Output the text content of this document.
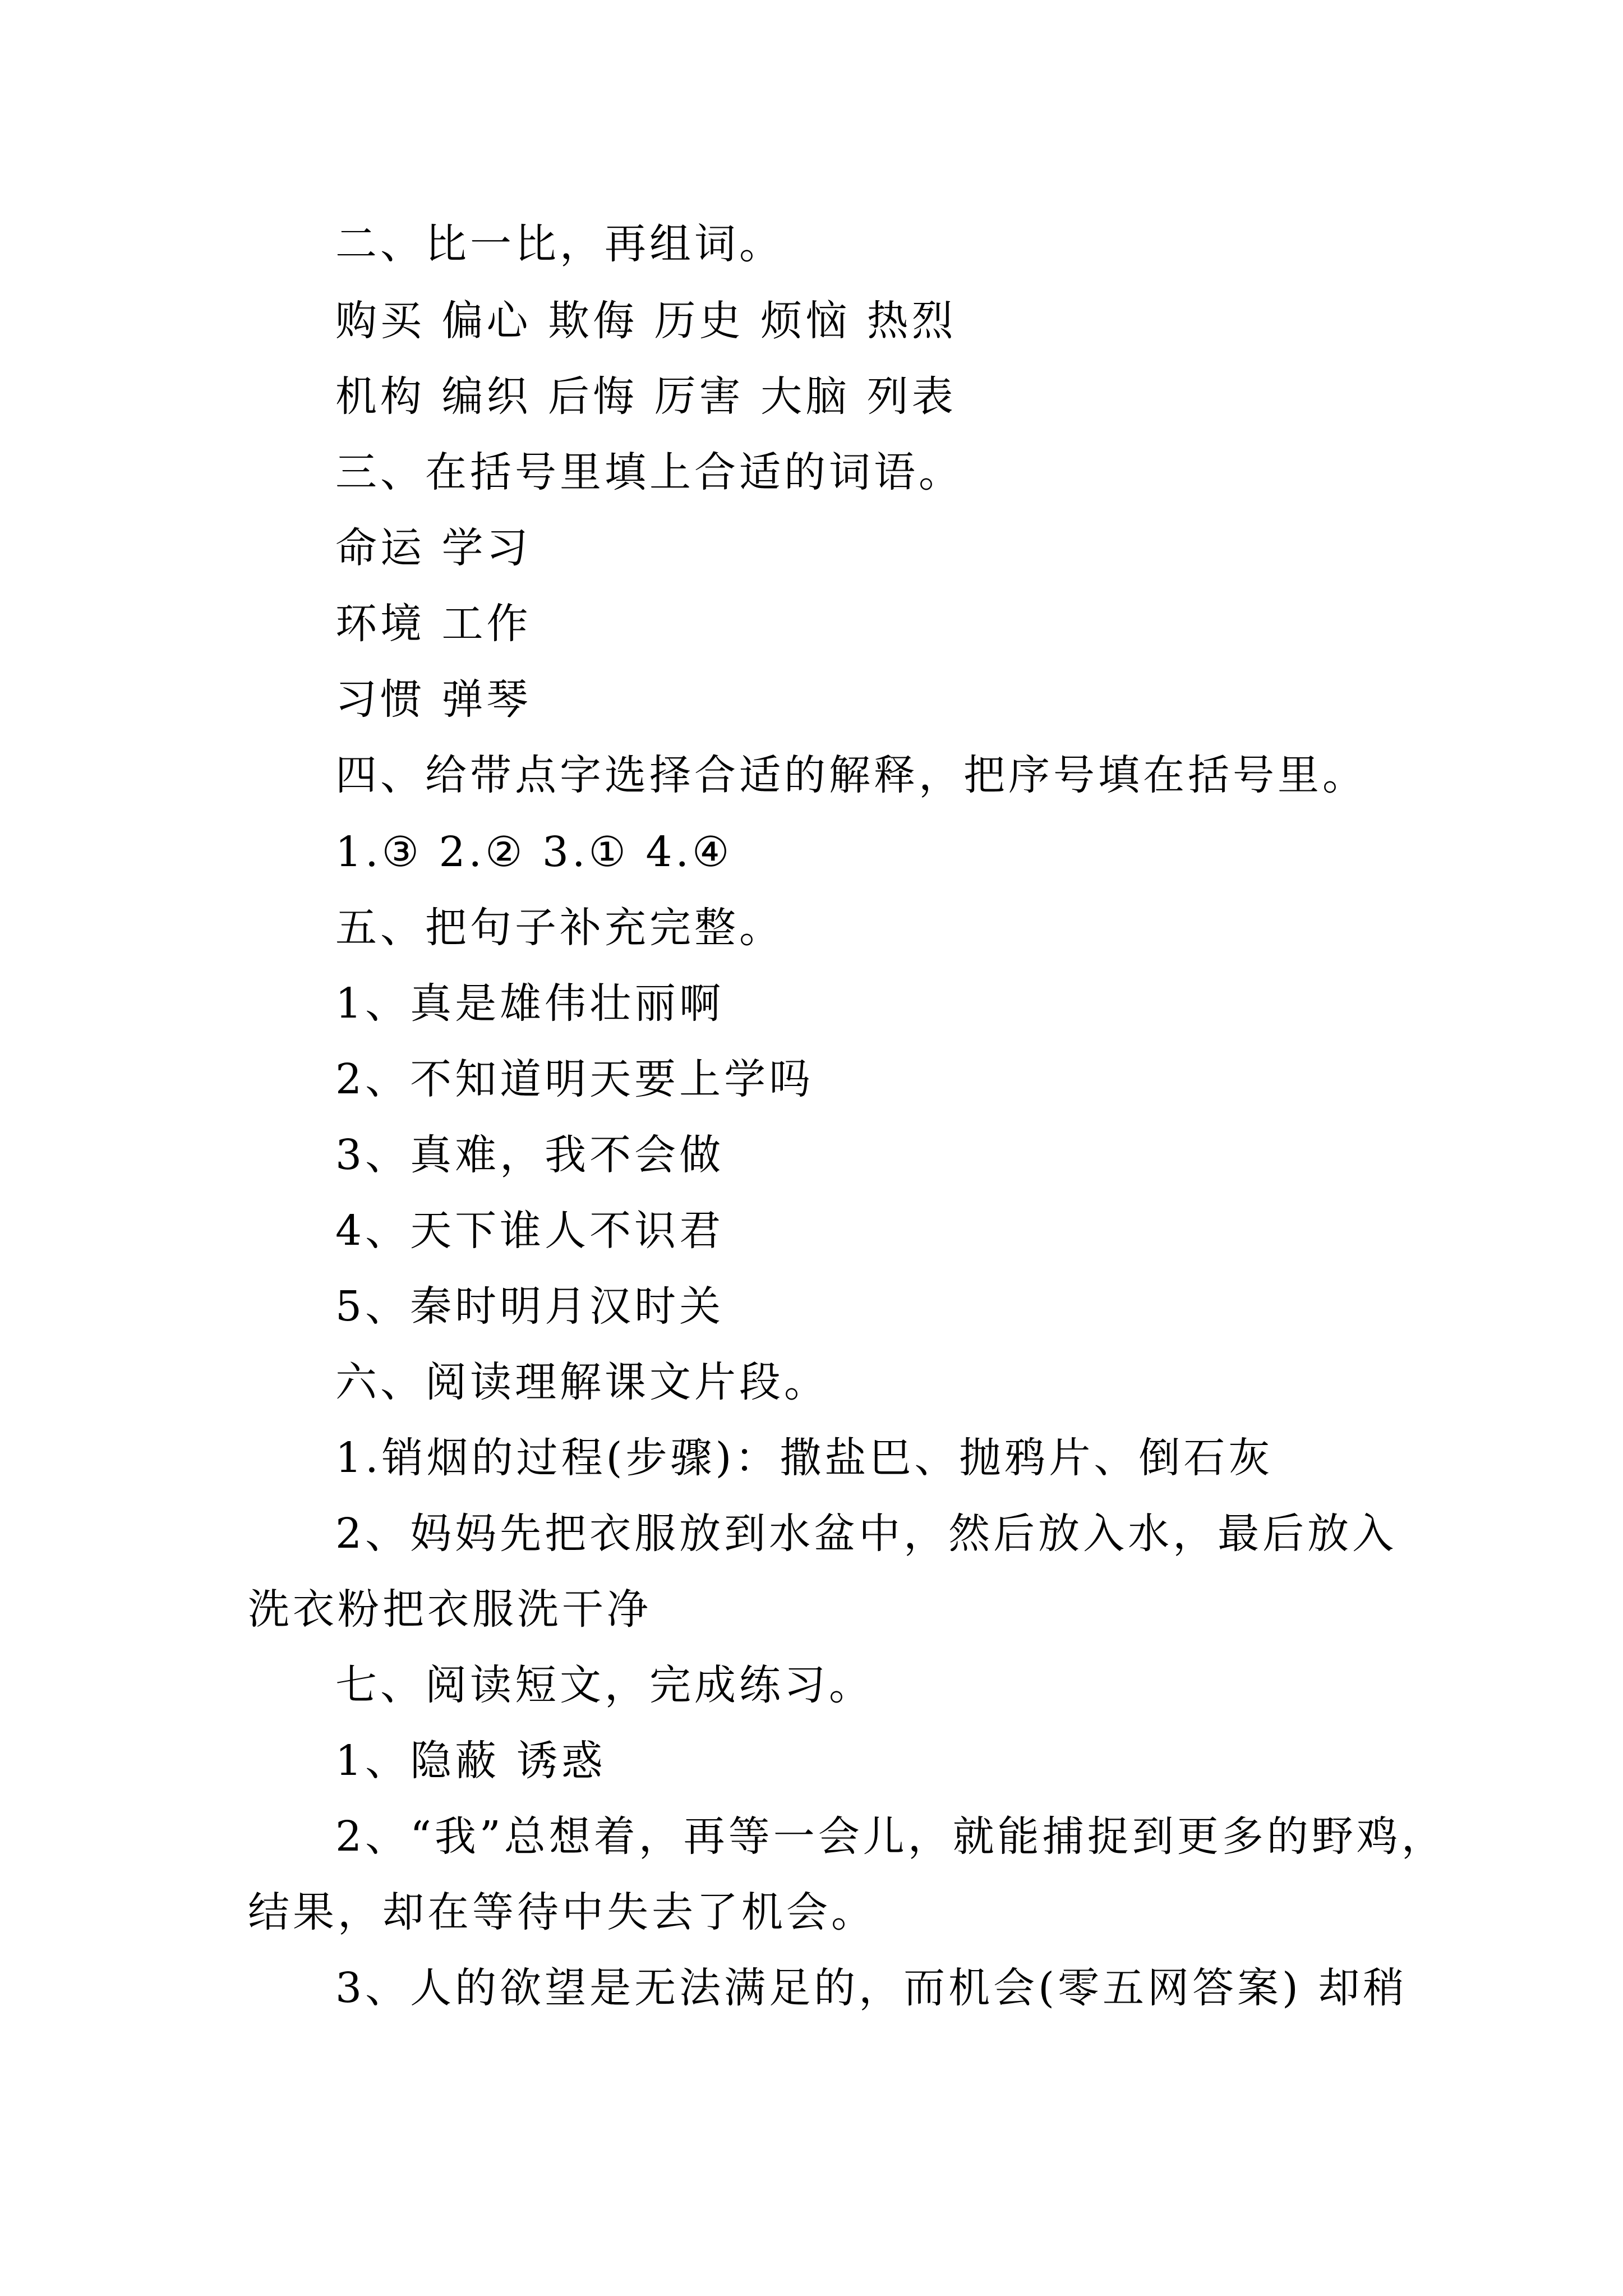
二、比一比，再组词。
购买 偏心 欺侮 历史 烦恼 热烈
机构 编织 后悔 厉害 大脑 列表
三、在括号里填上合适的词语。
命运 学习
环境 工作
习惯 弹琴
四、给带点字选择合适的解释，把序号填在括号里。
1.③ 2.② 3.① 4.④
五、把句子补充完整。
1、真是雄伟壮丽啊
2、不知道明天要上学吗
3、真难，我不会做
4、天下谁人不识君
5、秦时明月汉时关
六、阅读理解课文片段。
1.销烟的过程(步骤)：撒盐巴、抛鸦片、倒石灰
2、妈妈先把衣服放到水盆中，然后放入水，最后放入
洗衣粉把衣服洗干净
七、阅读短文，完成练习。
1、隐蔽 诱惑
2、“我”总想着，再等一会儿，就能捕捉到更多的野鸡，
结果，却在等待中失去了机会。
3、人的欲望是无法满足的，而机会(零五网答案) 却稍
